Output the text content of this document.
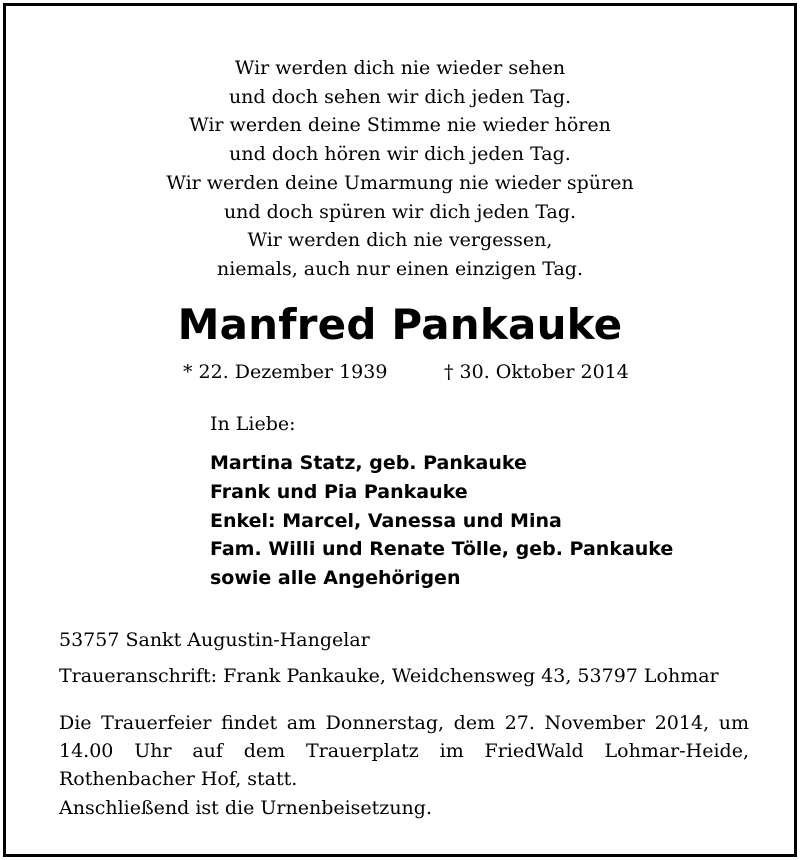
Wir werden dich nie wieder sehen
und doch sehen wir dich jeden Tag.
Wir werden deine Stimme nie wieder hören
und doch hören wir dich jeden Tag.
Wir werden deine Umarmung nie wieder spüren
und doch spüren wir dich jeden Tag.
Wir werden dich nie vergessen,
niemals, auch nur einen einzigen Tag.
Manfred Pankauke
* 22. Dezember 1939	† 30. Oktober 2014
In Liebe:
Martina Statz, geb. Pankauke
Frank und Pia Pankauke
Enkel: Marcel, Vanessa und Mina
Fam. Willi und Renate Tölle, geb. Pankauke
sowie alle Angehörigen
53757 Sankt Augustin-Hangelar
Traueranschrift: Frank Pankauke, Weidchensweg 43, 53797 Lohmar
Die Trauerfeier findet am Donnerstag, dem 27. November 2014, um 14.00 Uhr auf dem Trauerplatz im FriedWald Lohmar-Heide, Rothenbacher Hof, statt.
Anschließend ist die Urnenbeisetzung.
